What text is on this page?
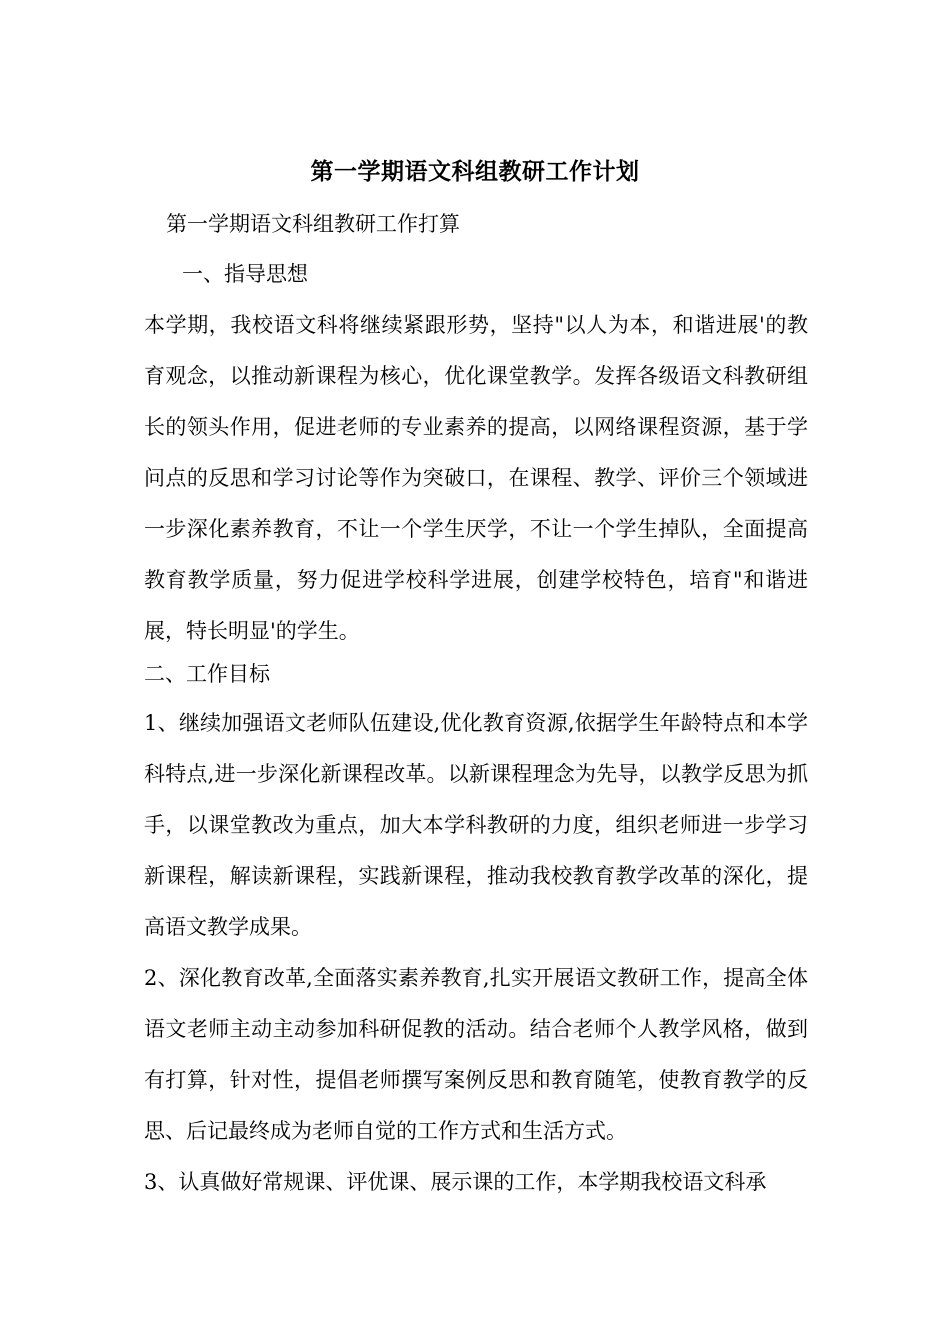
第一学期语文科组教研工作计划
第一学期语文科组教研工作打算
一、指导思想
本学期，我校语文科将继续紧跟形势，坚持"以人为本，和谐进展'的教育观念，以推动新课程为核心，优化课堂教学。发挥各级语文科教研组长的领头作用，促进老师的专业素养的提高，以网络课程资源，基于学问点的反思和学习讨论等作为突破口，在课程、教学、评价三个领域进一步深化素养教育，不让一个学生厌学，不让一个学生掉队，全面提高教育教学质量，努力促进学校科学进展，创建学校特色，培育"和谐进展，特长明显'的学生。
二、工作目标
1、继续加强语文老师队伍建设,优化教育资源,依据学生年龄特点和本学科特点,进一步深化新课程改革。以新课程理念为先导，以教学反思为抓手，以课堂教改为重点，加大本学科教研的力度，组织老师进一步学习新课程，解读新课程，实践新课程，推动我校教育教学改革的深化，提高语文教学成果。
2、深化教育改革,全面落实素养教育,扎实开展语文教研工作，提高全体语文老师主动主动参加科研促教的活动。结合老师个人教学风格，做到有打算，针对性，提倡老师撰写案例反思和教育随笔，使教育教学的反思、后记最终成为老师自觉的工作方式和生活方式。
3、认真做好常规课、评优课、展示课的工作，本学期我校语文科承
